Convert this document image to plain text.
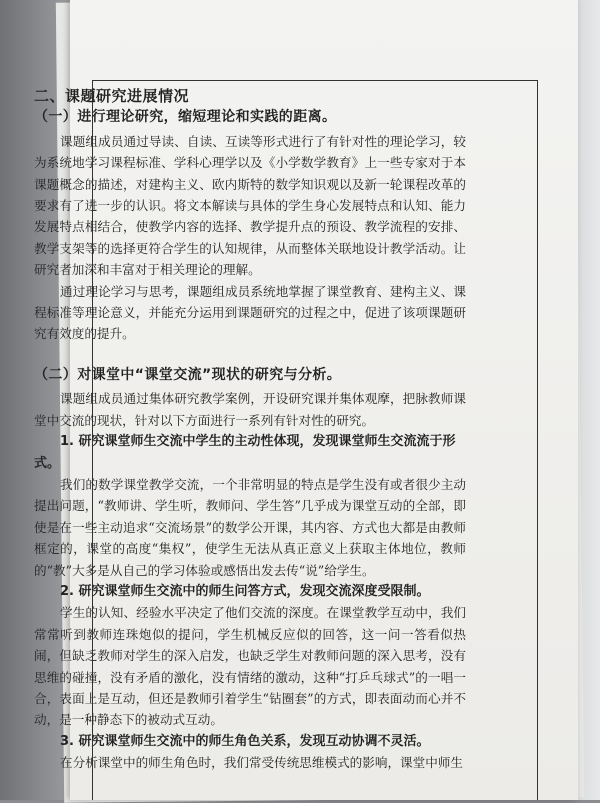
二、课题研究进展情况
（一）进行理论研究，缩短理论和实践的距离。

课题组成员通过导读、自读、互读等形式进行了有针对性的理论学习，较为系统地学习课程标准、学科心理学以及《小学数学教育》上一些专家对于本课题概念的描述，对建构主义、欧内斯特的数学知识观以及新一轮课程改革的要求有了进一步的认识。将文本解读与具体的学生身心发展特点和认知、能力发展特点相结合，使教学内容的选择、教学提升点的预设、教学流程的安排、教学支架等的选择更符合学生的认知规律，从而整体关联地设计教学活动。让研究者加深和丰富对于相关理论的理解。

通过理论学习与思考，课题组成员系统地掌握了课堂教育、建构主义、课程标准等理论意义，并能充分运用到课题研究的过程之中，促进了该项课题研究有效度的提升。

（二）对课堂中“课堂交流”现状的研究与分析。

课题组成员通过集体研究教学案例，开设研究课并集体观摩，把脉教师课堂中交流的现状，针对以下方面进行一系列有针对性的研究。

1. 研究课堂师生交流中学生的主动性体现，发现课堂师生交流流于形式。

我们的数学课堂教学交流，一个非常明显的特点是学生没有或者很少主动提出问题，“教师讲、学生听，教师问、学生答”几乎成为课堂互动的全部，即使是在一些主动追求“交流场景”的数学公开课，其内容、方式也大都是由教师框定的，课堂的高度“集权”，使学生无法从真正意义上获取主体地位，教师的“教”大多是从自己的学习体验或感悟出发去传“说”给学生。

2. 研究课堂师生交流中的师生问答方式，发现交流深度受限制。

学生的认知、经验水平决定了他们交流的深度。在课堂教学互动中，我们常常听到教师连珠炮似的提问，学生机械反应似的回答，这一问一答看似热闹，但缺乏教师对学生的深入启发，也缺乏学生对教师问题的深入思考，没有思维的碰撞，没有矛盾的激化，没有情绪的激动，这种“打乒乓球式”的一唱一合，表面上是互动，但还是教师引着学生“钻圈套”的方式，即表面动而心并不动，是一种静态下的被动式互动。

3. 研究课堂师生交流中的师生角色关系，发现互动协调不灵活。

在分析课堂中的师生角色时，我们常受传统思维模式的影响，课堂中师生
